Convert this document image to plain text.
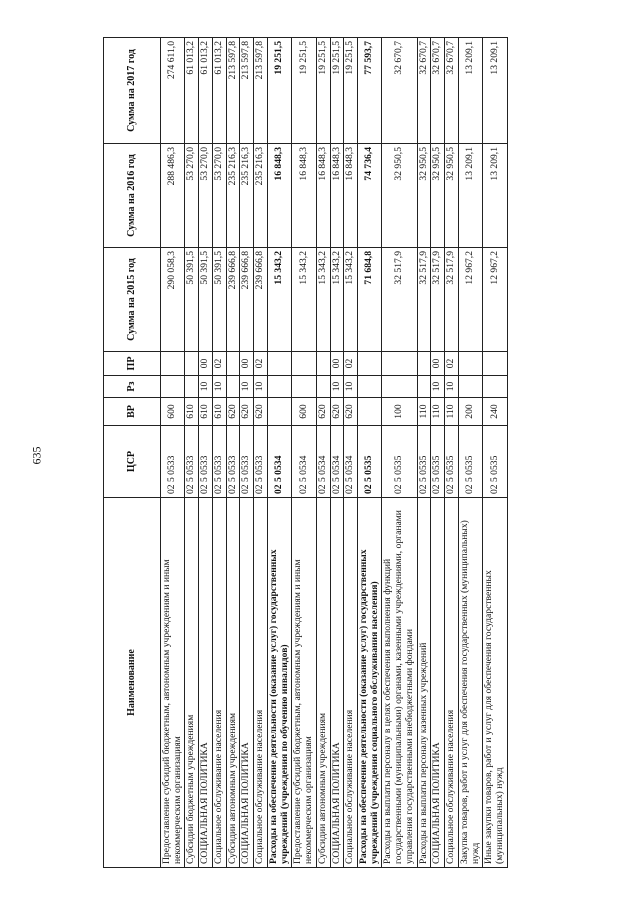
635
Наименование	ЦСР	ВР	Рз	ПР	Сумма на 2015 год	Сумма на 2016 год	Сумма на 2017 год
Предоставление субсидий бюджетным, автономным учреждениям и иным некоммерческим организациям	02 5 0533	600			290 058,3	288 486,3	274 611,0
Субсидии бюджетным учреждениям	02 5 0533	610			50 391,5	53 270,0	61 013,2
СОЦИАЛЬНАЯ ПОЛИТИКА	02 5 0533	610	10	00	50 391,5	53 270,0	61 013,2
Социальное обслуживание населения	02 5 0533	610	10	02	50 391,5	53 270,0	61 013,2
Субсидии автономным учреждениям	02 5 0533	620			239 666,8	235 216,3	213 597,8
СОЦИАЛЬНАЯ ПОЛИТИКА	02 5 0533	620	10	00	239 666,8	235 216,3	213 597,8
Социальное обслуживание населения	02 5 0533	620	10	02	239 666,8	235 216,3	213 597,8
Расходы на обеспечение деятельности (оказание услуг) государственных учреждений (учреждения по обучению инвалидов)	02 5 0534				15 343,2	16 848,3	19 251,5
Предоставление субсидий бюджетным, автономным учреждениям и иным некоммерческим организациям	02 5 0534	600			15 343,2	16 848,3	19 251,5
Субсидии автономным учреждениям	02 5 0534	620			15 343,2	16 848,3	19 251,5
СОЦИАЛЬНАЯ ПОЛИТИКА	02 5 0534	620	10	00	15 343,2	16 848,3	19 251,5
Социальное обслуживание населения	02 5 0534	620	10	02	15 343,2	16 848,3	19 251,5
Расходы на обеспечение деятельности (оказание услуг) государственных учреждений (учреждения социального обслуживания населения)	02 5 0535				71 684,8	74 736,4	77 593,7
Расходы на выплаты персоналу в целях обеспечения выполнения функций государственными (муниципальными) органами, казенными учреждениями, органами управления государственными внебюджетными фондами	02 5 0535	100			32 517,9	32 950,5	32 670,7
Расходы на выплаты персоналу казенных учреждений	02 5 0535	110			32 517,9	32 950,5	32 670,7
СОЦИАЛЬНАЯ ПОЛИТИКА	02 5 0535	110	10	00	32 517,9	32 950,5	32 670,7
Социальное обслуживание населения	02 5 0535	110	10	02	32 517,9	32 950,5	32 670,7
Закупка товаров, работ и услуг для обеспечения государственных (муниципальных) нужд	02 5 0535	200			12 967,2	13 209,1	13 209,1
Иные закупки товаров, работ и услуг для обеспечения государственных (муниципальных) нужд	02 5 0535	240			12 967,2	13 209,1	13 209,1
